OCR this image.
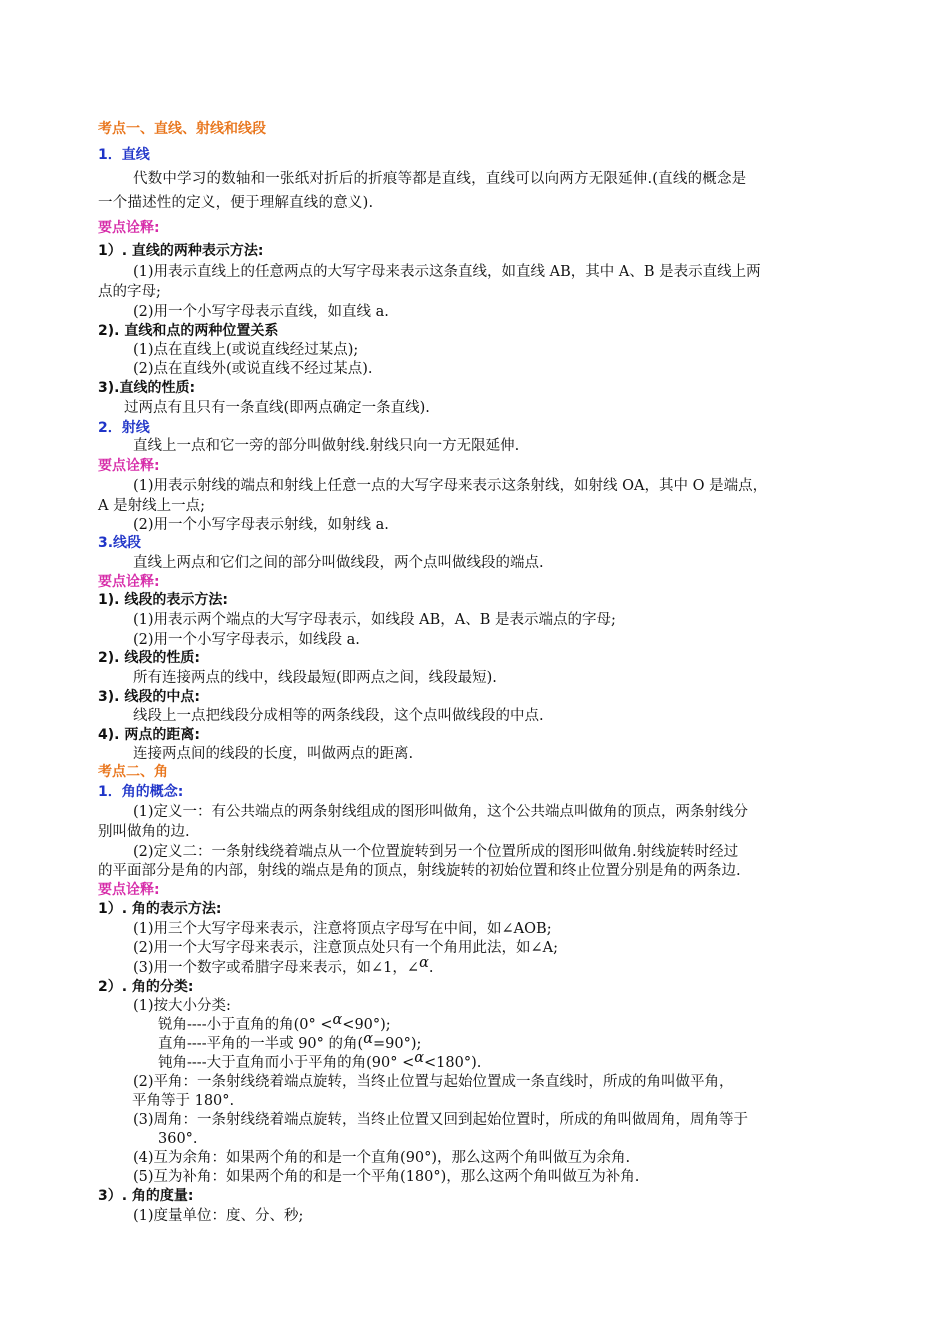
考点一、直线、射线和线段
1．直线
代数中学习的数轴和一张纸对折后的折痕等都是直线，直线可以向两方无限延伸.(直线的概念是
一个描述性的定义，便于理解直线的意义).
要点诠释:
1）. 直线的两种表示方法:
(1)用表示直线上的任意两点的大写字母来表示这条直线，如直线 AB，其中 A、B 是表示直线上两
点的字母;
(2)用一个小写字母表示直线，如直线 a.
2). 直线和点的两种位置关系
(1)点在直线上(或说直线经过某点);
(2)点在直线外(或说直线不经过某点).
3).直线的性质:
过两点有且只有一条直线(即两点确定一条直线).
2．射线
直线上一点和它一旁的部分叫做射线.射线只向一方无限延伸.
要点诠释:
(1)用表示射线的端点和射线上任意一点的大写字母来表示这条射线，如射线 OA，其中 O 是端点，
A 是射线上一点;
(2)用一个小写字母表示射线，如射线 a.
3.线段
直线上两点和它们之间的部分叫做线段，两个点叫做线段的端点.
要点诠释:
1). 线段的表示方法:
(1)用表示两个端点的大写字母表示，如线段 AB，A、B 是表示端点的字母;
(2)用一个小写字母表示，如线段 a.
2). 线段的性质:
所有连接两点的线中，线段最短(即两点之间，线段最短).
3). 线段的中点:
线段上一点把线段分成相等的两条线段，这个点叫做线段的中点.
4). 两点的距离:
连接两点间的线段的长度，叫做两点的距离.
考点二、角
1．角的概念:
(1)定义一：有公共端点的两条射线组成的图形叫做角，这个公共端点叫做角的顶点，两条射线分
别叫做角的边.
(2)定义二：一条射线绕着端点从一个位置旋转到另一个位置所成的图形叫做角.射线旋转时经过
的平面部分是角的内部，射线的端点是角的顶点，射线旋转的初始位置和终止位置分别是角的两条边.
要点诠释:
1）. 角的表示方法:
(1)用三个大写字母来表示，注意将顶点字母写在中间，如∠AOB;
(2)用一个大写字母来表示，注意顶点处只有一个角用此法，如∠A;
(3)用一个数字或希腊字母来表示，如∠1，∠α.
2）. 角的分类:
(1)按大小分类:
锐角----小于直角的角(0° <α<90°);
直角----平角的一半或 90° 的角(α=90°);
钝角----大于直角而小于平角的角(90° <α<180°).
(2)平角：一条射线绕着端点旋转，当终止位置与起始位置成一条直线时，所成的角叫做平角，
平角等于 180°.
(3)周角：一条射线绕着端点旋转，当终止位置又回到起始位置时，所成的角叫做周角，周角等于
360°.
(4)互为余角：如果两个角的和是一个直角(90°)，那么这两个角叫做互为余角.
(5)互为补角：如果两个角的和是一个平角(180°)，那么这两个角叫做互为补角.
3）. 角的度量:
(1)度量单位：度、分、秒;
